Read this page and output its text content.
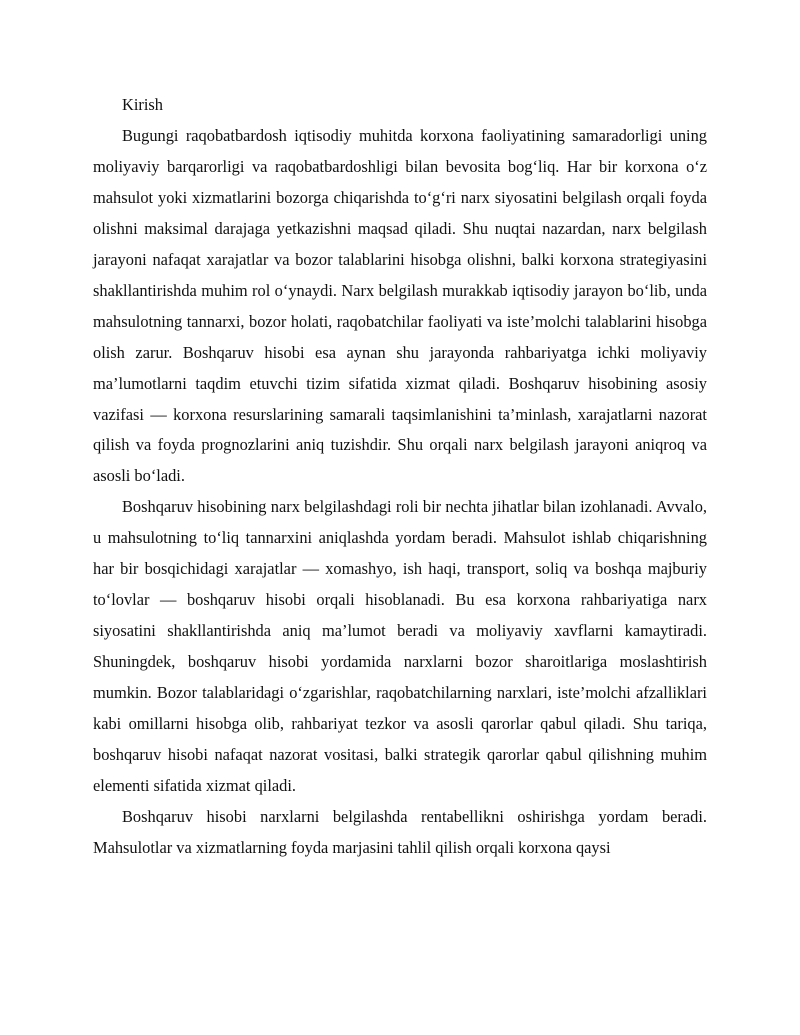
Kirish

Bugungi raqobatbardosh iqtisodiy muhitda korxona faoliyatining samaradorligi uning moliyaviy barqarorligi va raqobatbardoshligi bilan bevosita bog‘liq. Har bir korxona o‘z mahsulot yoki xizmatlarini bozorga chiqarishda to‘g‘ri narx siyosatini belgilash orqali foyda olishni maksimal darajaga yetkazishni maqsad qiladi. Shu nuqtai nazardan, narx belgilash jarayoni nafaqat xarajatlar va bozor talablarini hisobga olishni, balki korxona strategiyasini shakllantirishda muhim rol o‘ynaydi. Narx belgilash murakkab iqtisodiy jarayon bo‘lib, unda mahsulotning tannarxi, bozor holati, raqobatchilar faoliyati va iste’molchi talablarini hisobga olish zarur. Boshqaruv hisobi esa aynan shu jarayonda rahbariyatga ichki moliyaviy ma’lumotlarni taqdim etuvchi tizim sifatida xizmat qiladi. Boshqaruv hisobining asosiy vazifasi — korxona resurslarining samarali taqsimlanishini ta’minlash, xarajatlarni nazorat qilish va foyda prognozlarini aniq tuzishdir. Shu orqali narx belgilash jarayoni aniqroq va asosli bo‘ladi.

Boshqaruv hisobining narx belgilashdagi roli bir nechta jihatlar bilan izohlanadi. Avvalo, u mahsulotning to‘liq tannarxini aniqlashda yordam beradi. Mahsulot ishlab chiqarishning har bir bosqichidagi xarajatlar — xomashyo, ish haqi, transport, soliq va boshqa majburiy to‘lovlar — boshqaruv hisobi orqali hisoblanadi. Bu esa korxona rahbariyatiga narx siyosatini shakllantirishda aniq ma’lumot beradi va moliyaviy xavflarni kamaytiradi. Shuningdek, boshqaruv hisobi yordamida narxlarni bozor sharoitlariga moslashtirish mumkin. Bozor talablaridagi o‘zgarishlar, raqobatchilarning narxlari, iste’molchi afzalliklari kabi omillarni hisobga olib, rahbariyat tezkor va asosli qarorlar qabul qiladi. Shu tariqa, boshqaruv hisobi nafaqat nazorat vositasi, balki strategik qarorlar qabul qilishning muhim elementi sifatida xizmat qiladi.

Boshqaruv hisobi narxlarni belgilashda rentabellikni oshirishga yordam beradi. Mahsulotlar va xizmatlarning foyda marjasini tahlil qilish orqali korxona qaysi
